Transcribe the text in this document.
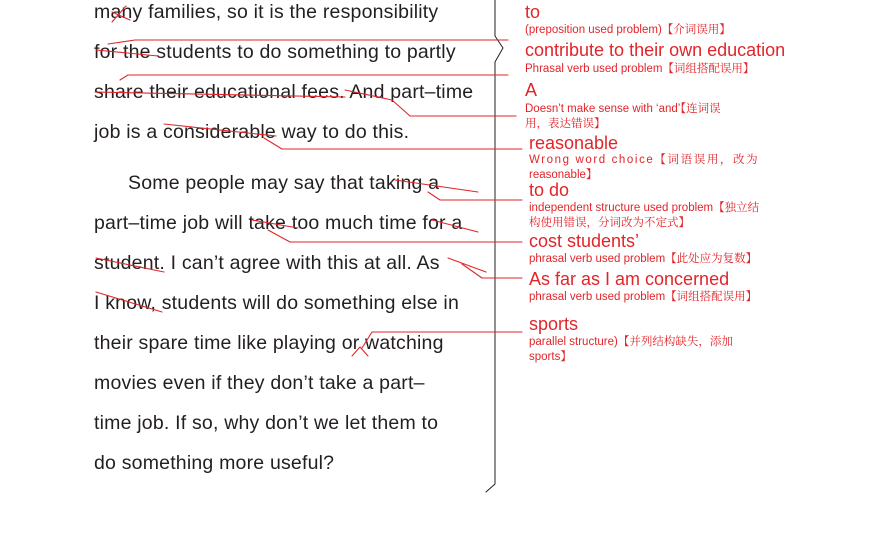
many families, so it is the responsibility
for the students to do something to partly
share their educational fees. And part–time
job is a considerable way to do this.
Some people may say that taking a
part–time job will take too much time for a
student. I can’t agree with this at all. As
I know, students will do something else in
their spare time like playing or watching
movies even if they don’t take a part–
time job. If so, why don’t we let them to
do something more useful?
to
(preposition used problem)【介词误用】
contribute to their own education
Phrasal verb used problem【词组搭配误用】
A
Doesn’t make sense with ‘and’【连词误
用，表达错误】
reasonable
Wrong word choice【词语误用，改为
reasonable】
to do
independent structure used problem【独立结
构使用错误，分词改为不定式】
cost students’
phrasal verb used problem【此处应为复数】
As far as I am concerned
phrasal verb used problem【词组搭配误用】
sports
parallel structure)【并列结构缺失，添加
sports】
